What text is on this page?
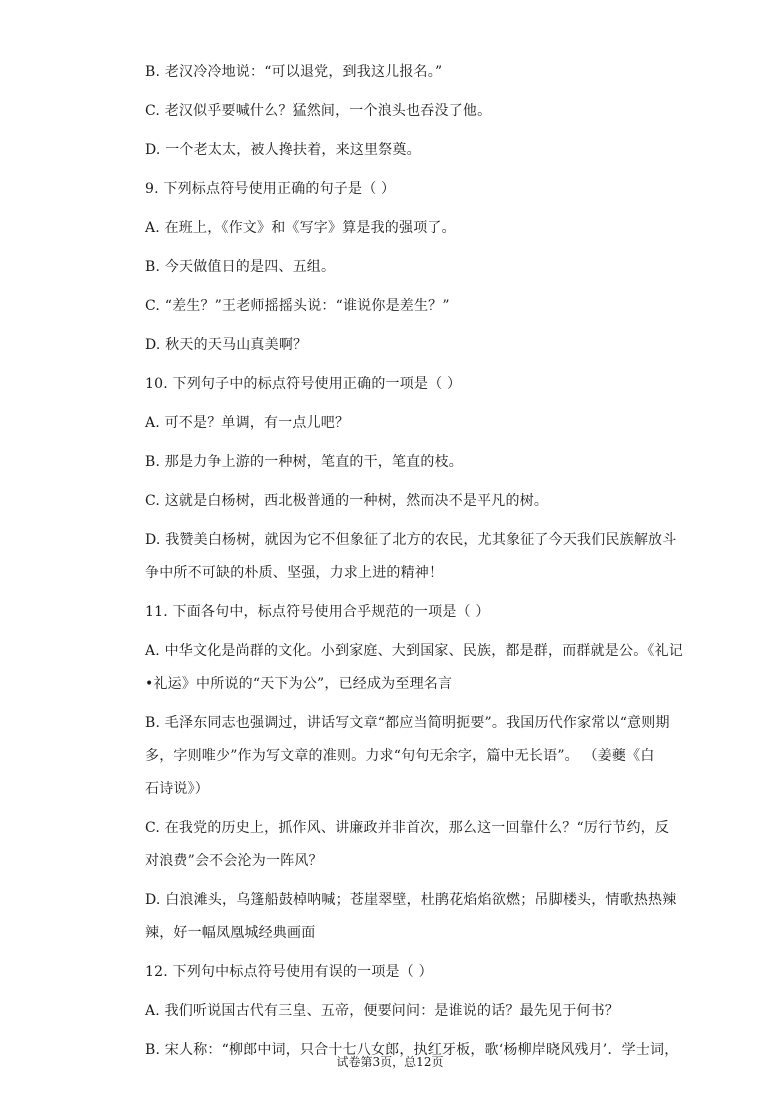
B. 老汉冷冷地说：“可以退党，到我这儿报名。”
C. 老汉似乎要喊什么？猛然间，一个浪头也吞没了他。
D. 一个老太太，被人搀扶着，来这里祭奠。
9. 下列标点符号使用正确的句子是（ ）
A. 在班上，《作文》和《写字》算是我的强项了。
B. 今天做值日的是四、五组。
C. “差生？”王老师摇摇头说：“谁说你是差生？”
D. 秋天的天马山真美啊？
10. 下列句子中的标点符号使用正确的一项是（ ）
A. 可不是？单调，有一点儿吧？
B. 那是力争上游的一种树，笔直的干，笔直的枝。
C. 这就是白杨树，西北极普通的一种树，然而决不是平凡的树。
D. 我赞美白杨树，就因为它不但象征了北方的农民，尤其象征了今天我们民族解放斗
争中所不可缺的朴质、坚强，力求上进的精神！
11. 下面各句中，标点符号使用合乎规范的一项是（ ）
A. 中华文化是尚群的文化。小到家庭、大到国家、民族，都是群，而群就是公。《礼记
•礼运》中所说的“天下为公”，已经成为至理名言
B. 毛泽东同志也强调过，讲话写文章“都应当简明扼要”。我国历代作家常以“意则期
多，字则唯少”作为写文章的准则。力求“句句无余字，篇中无长语”。 （姜夔《白
石诗说》）
C. 在我党的历史上，抓作风、讲廉政并非首次，那么这一回靠什么？“厉行节约，反
对浪费”会不会沦为一阵风？
D. 白浪滩头，乌篷船鼓棹呐喊；苍崖翠壁，杜鹃花焰焰欲燃；吊脚楼头，情歌热热辣
辣，好一幅凤凰城经典画面
12. 下列句中标点符号使用有误的一项是（ ）
A. 我们听说国古代有三皇、五帝，便要问问：是谁说的话？最先见于何书？
B. 宋人称：“柳郎中词，只合十七八女郎，执红牙板，歌‘杨柳岸晓风残月’．学士词，
试卷第3页，总12页
